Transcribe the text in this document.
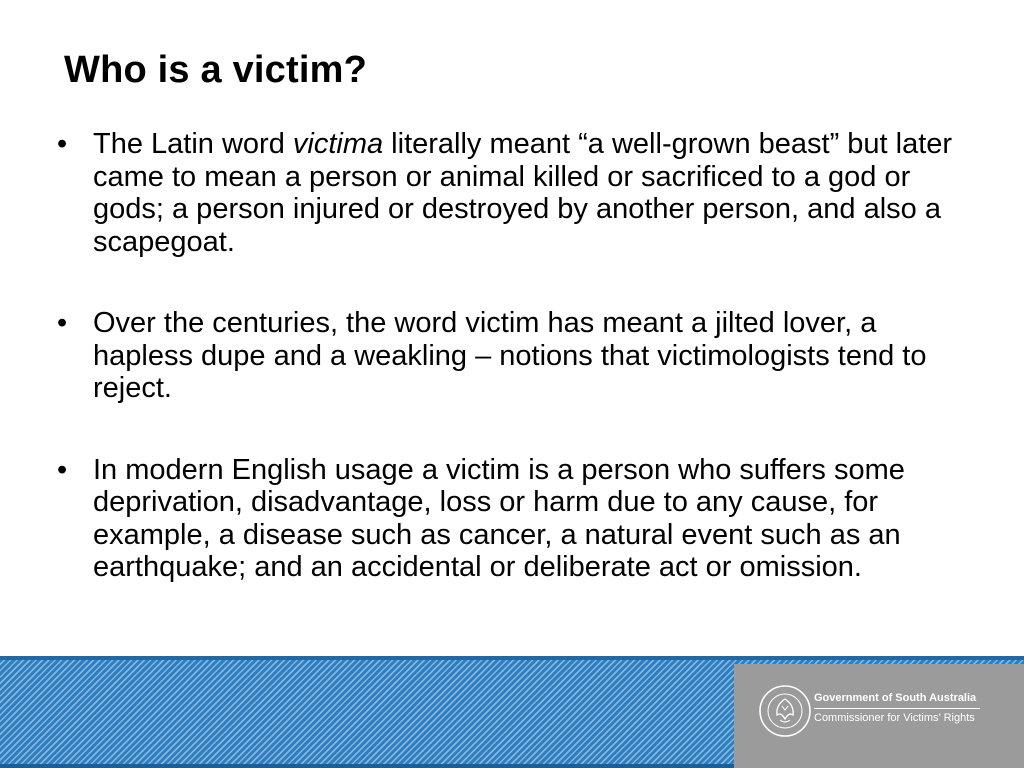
Who is a victim?
• The Latin word victima literally meant “a well-grown beast” but later came to mean a person or animal killed or sacrificed to a god or gods; a person injured or destroyed by another person, and also a scapegoat.
• Over the centuries, the word victim has meant a jilted lover, a hapless dupe and a weakling – notions that victimologists tend to reject.
• In modern English usage a victim is a person who suffers some deprivation, disadvantage, loss or harm due to any cause, for example, a disease such as cancer, a natural event such as an earthquake; and an accidental or deliberate act or omission.
Government of South Australia
Commissioner for Victims’ Rights
